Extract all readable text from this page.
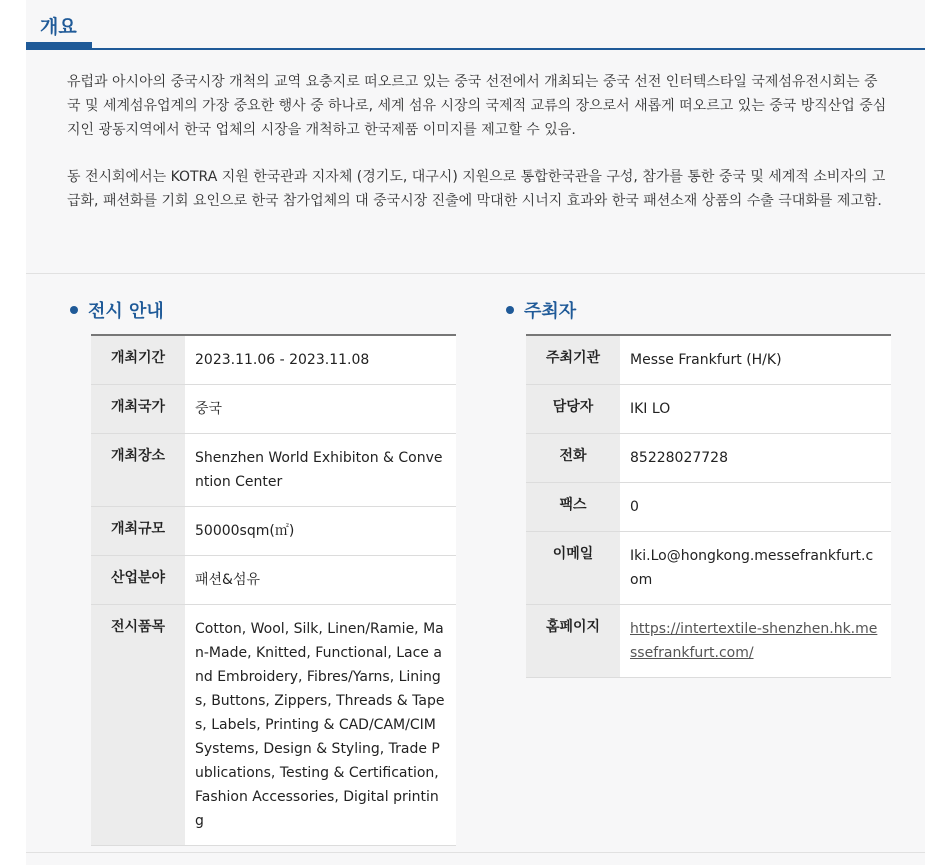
개요

유럽과 아시아의 중국시장 개척의 교역 요충지로 떠오르고 있는 중국 선전에서 개최되는 중국 선전 인터텍스타일 국제섬유전시회는 중국 및 세계섬유업계의 가장 중요한 행사 중 하나로, 세계 섬유 시장의 국제적 교류의 장으로서 새롭게 떠오르고 있는 중국 방직산업 중심지인 광동지역에서 한국 업체의 시장을 개척하고 한국제품 이미지를 제고할 수 있음.

동 전시회에서는 KOTRA 지원 한국관과 지자체 (경기도, 대구시) 지원으로 통합한국관을 구성, 참가를 통한 중국 및 세계적 소비자의 고급화, 패션화를 기회 요인으로 한국 참가업체의 대 중국시장 진출에 막대한 시너지 효과와 한국 패션소재 상품의 수출 극대화를 제고함.

전시 안내
개최기간	2023.11.06 - 2023.11.08
개최국가	중국
개최장소	Shenzhen World Exhibiton & Convention Center
개최규모	50000sqm(㎡)
산업분야	패션&섬유
전시품목	Cotton, Wool, Silk, Linen/Ramie, Man-Made, Knitted, Functional, Lace and Embroidery, Fibres/Yarns, Linings, Buttons, Zippers, Threads & Tapes, Labels, Printing & CAD/CAM/CIM Systems, Design & Styling, Trade Publications, Testing & Certification, Fashion Accessories, Digital printing
주최자
주최기관	Messe Frankfurt (H/K)
담당자	IKI LO
전화	85228027728
팩스	0
이메일	Iki.Lo@hongkong.messefrankfurt.com
홈페이지	https://intertextile-shenzhen.hk.messefrankfurt.com/
